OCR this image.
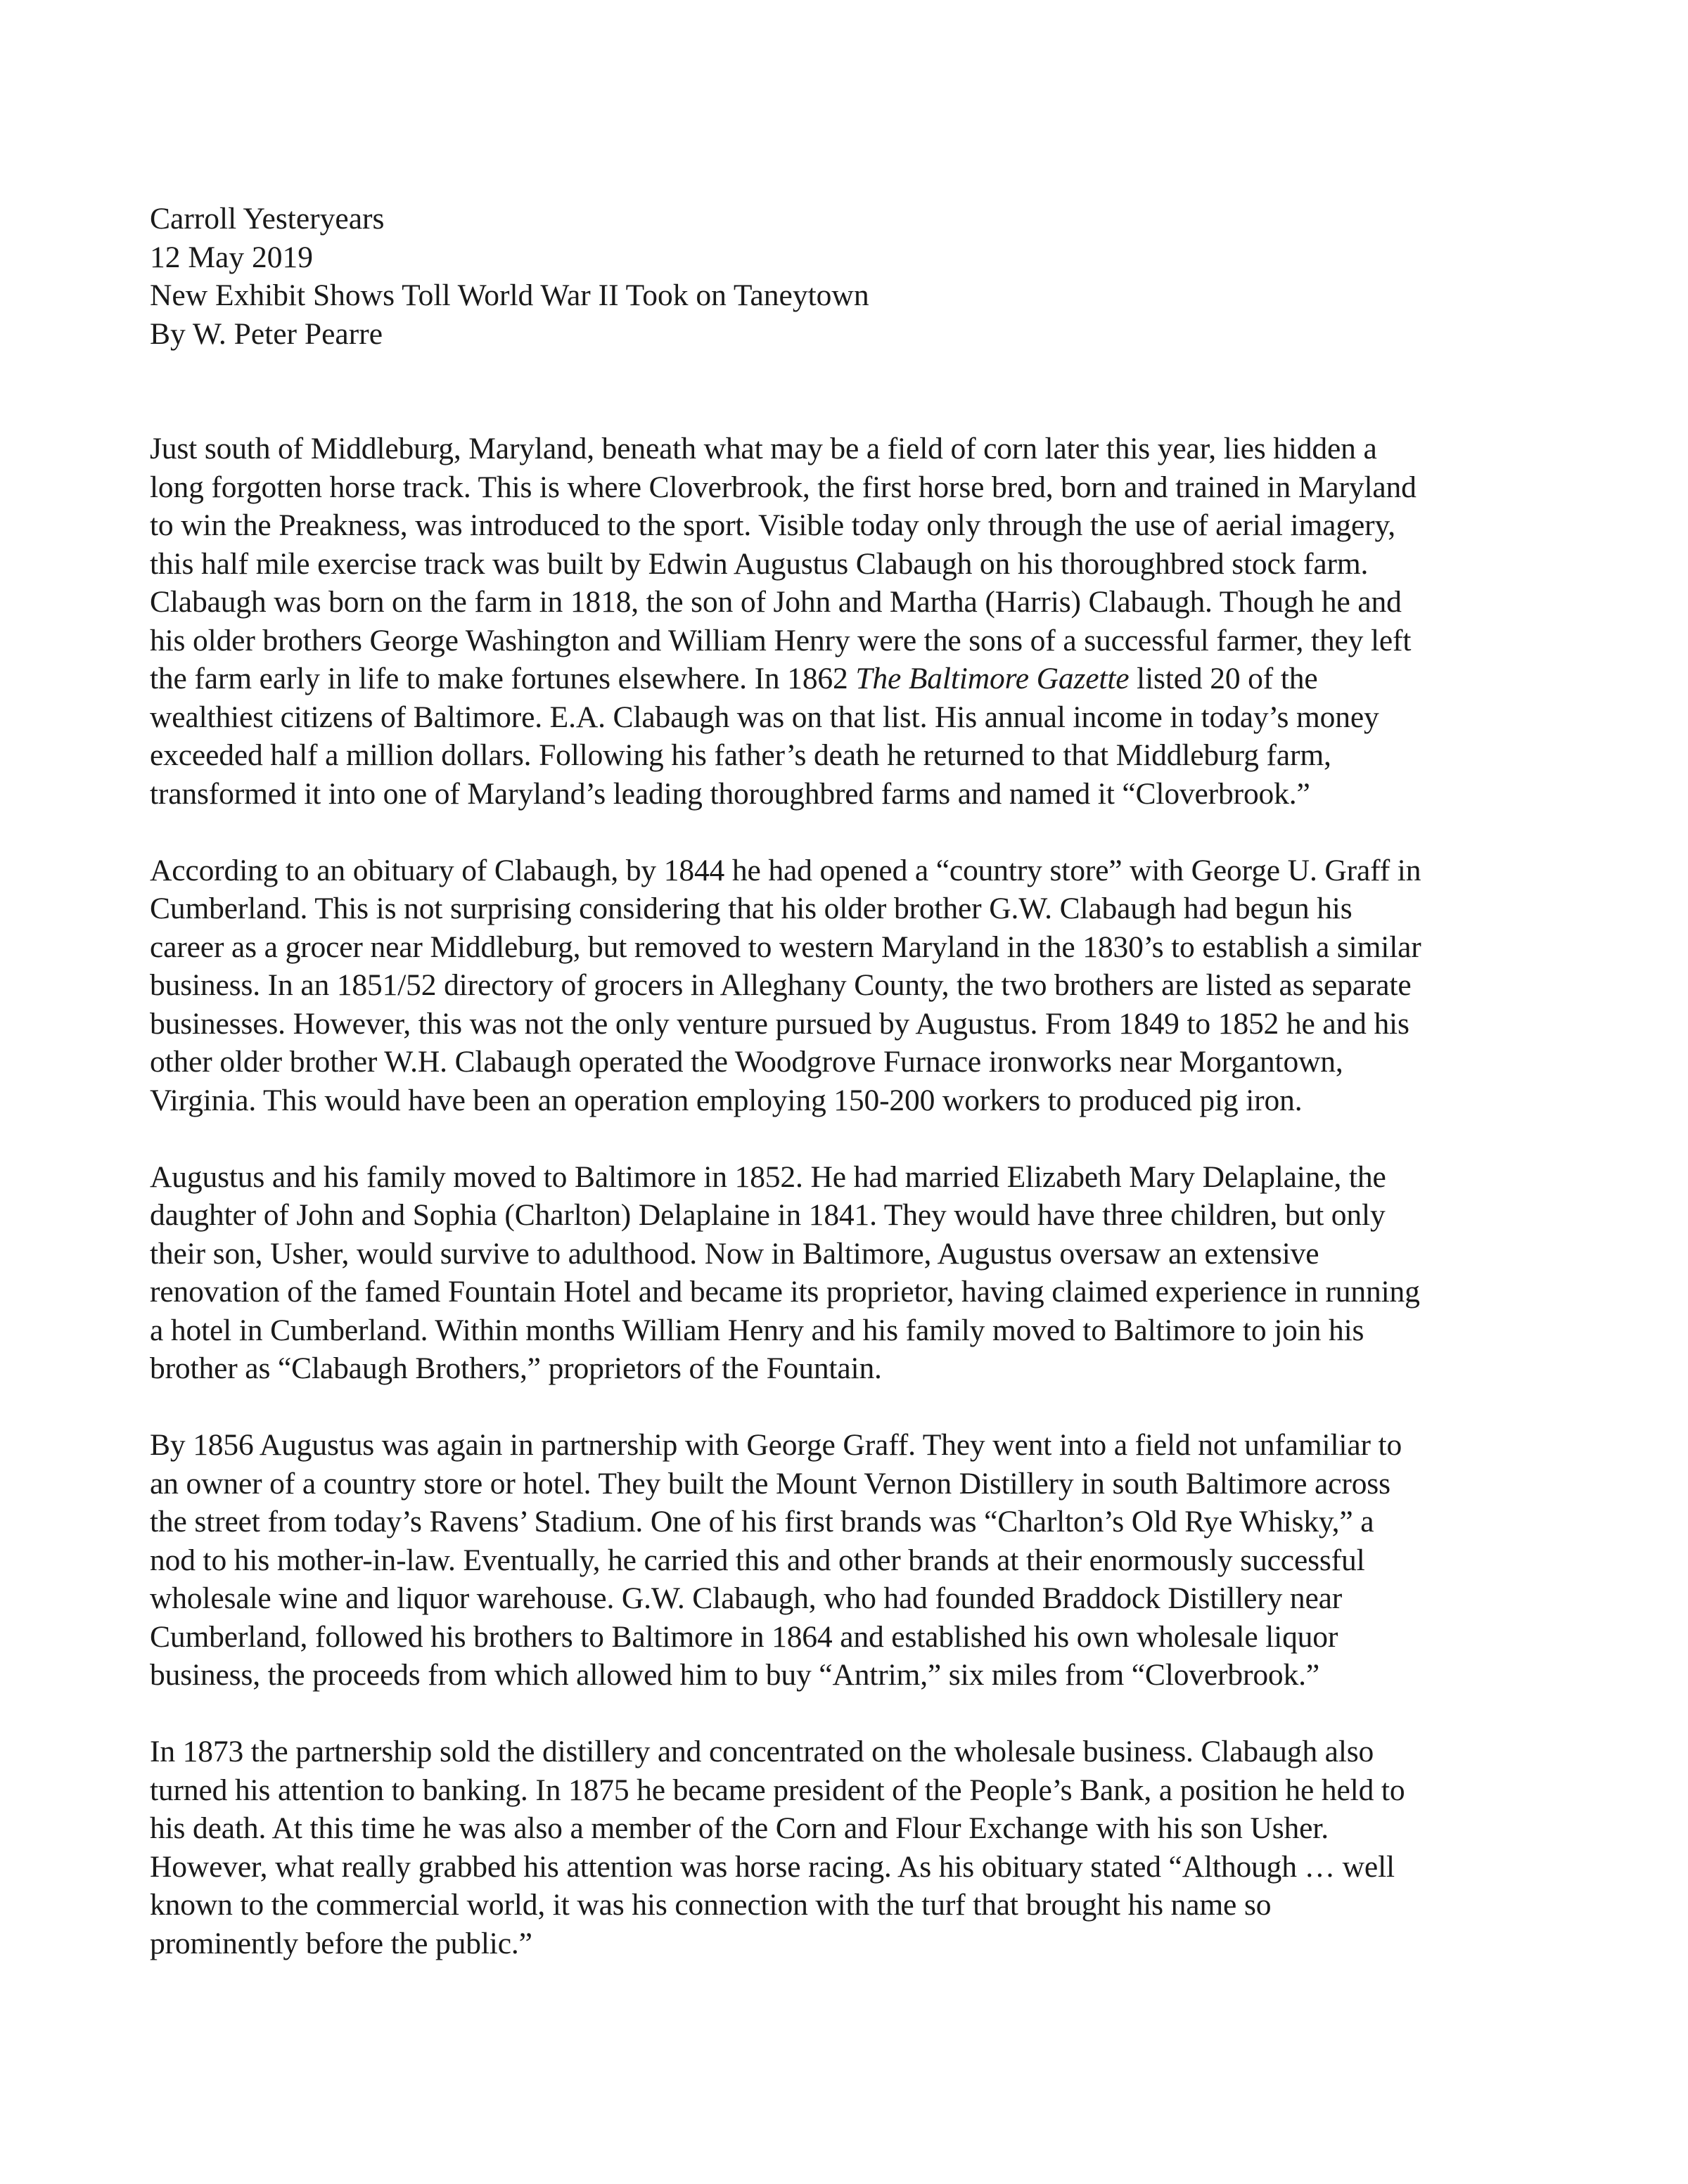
Carroll Yesteryears
12 May 2019
New Exhibit Shows Toll World War II Took on Taneytown
By W. Peter Pearre

Just south of Middleburg, Maryland, beneath what may be a field of corn later this year, lies hidden a
long forgotten horse track. This is where Cloverbrook, the first horse bred, born and trained in Maryland
to win the Preakness, was introduced to the sport. Visible today only through the use of aerial imagery,
this half mile exercise track was built by Edwin Augustus Clabaugh on his thoroughbred stock farm.
Clabaugh was born on the farm in 1818, the son of John and Martha (Harris) Clabaugh. Though he and
his older brothers George Washington and William Henry were the sons of a successful farmer, they left
the farm early in life to make fortunes elsewhere. In 1862 The Baltimore Gazette listed 20 of the
wealthiest citizens of Baltimore. E.A. Clabaugh was on that list. His annual income in today’s money
exceeded half a million dollars. Following his father’s death he returned to that Middleburg farm,
transformed it into one of Maryland’s leading thoroughbred farms and named it “Cloverbrook.”

According to an obituary of Clabaugh, by 1844 he had opened a “country store” with George U. Graff in
Cumberland. This is not surprising considering that his older brother G.W. Clabaugh had begun his
career as a grocer near Middleburg, but removed to western Maryland in the 1830’s to establish a similar
business. In an 1851/52 directory of grocers in Alleghany County, the two brothers are listed as separate
businesses. However, this was not the only venture pursued by Augustus. From 1849 to 1852 he and his
other older brother W.H. Clabaugh operated the Woodgrove Furnace ironworks near Morgantown,
Virginia. This would have been an operation employing 150-200 workers to produced pig iron.

Augustus and his family moved to Baltimore in 1852. He had married Elizabeth Mary Delaplaine, the
daughter of John and Sophia (Charlton) Delaplaine in 1841. They would have three children, but only
their son, Usher, would survive to adulthood. Now in Baltimore, Augustus oversaw an extensive
renovation of the famed Fountain Hotel and became its proprietor, having claimed experience in running
a hotel in Cumberland. Within months William Henry and his family moved to Baltimore to join his
brother as “Clabaugh Brothers,” proprietors of the Fountain.

By 1856 Augustus was again in partnership with George Graff. They went into a field not unfamiliar to
an owner of a country store or hotel. They built the Mount Vernon Distillery in south Baltimore across
the street from today’s Ravens’ Stadium. One of his first brands was “Charlton’s Old Rye Whisky,” a
nod to his mother-in-law. Eventually, he carried this and other brands at their enormously successful
wholesale wine and liquor warehouse. G.W. Clabaugh, who had founded Braddock Distillery near
Cumberland, followed his brothers to Baltimore in 1864 and established his own wholesale liquor
business, the proceeds from which allowed him to buy “Antrim,” six miles from “Cloverbrook.”

In 1873 the partnership sold the distillery and concentrated on the wholesale business. Clabaugh also
turned his attention to banking. In 1875 he became president of the People’s Bank, a position he held to
his death. At this time he was also a member of the Corn and Flour Exchange with his son Usher.
However, what really grabbed his attention was horse racing. As his obituary stated “Although … well
known to the commercial world, it was his connection with the turf that brought his name so
prominently before the public.”
